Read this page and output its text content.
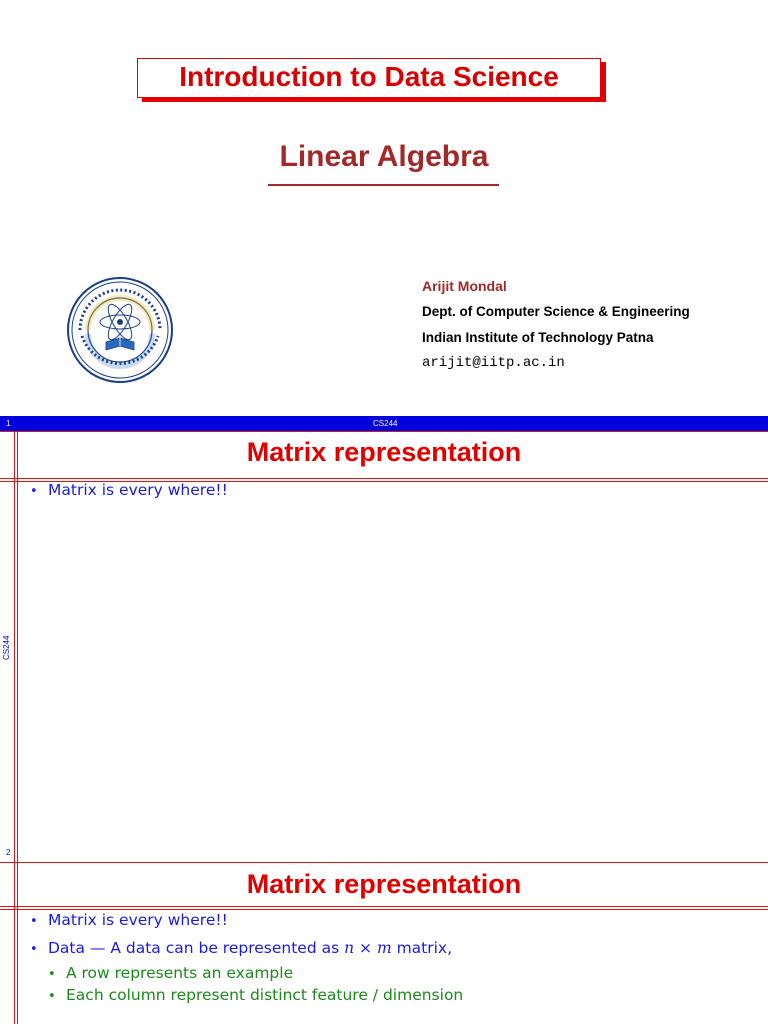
Introduction to Data Science
Linear Algebra
Arijit Mondal
Dept. of Computer Science & Engineering
Indian Institute of Technology Patna
arijit@iitp.ac.in
1	CS244
Matrix representation
CS244
2
• Matrix is every where!!
Matrix representation
• Matrix is every where!!
• Data — A data can be represented as n × m matrix,
• A row represents an example
• Each column represent distinct feature / dimension
